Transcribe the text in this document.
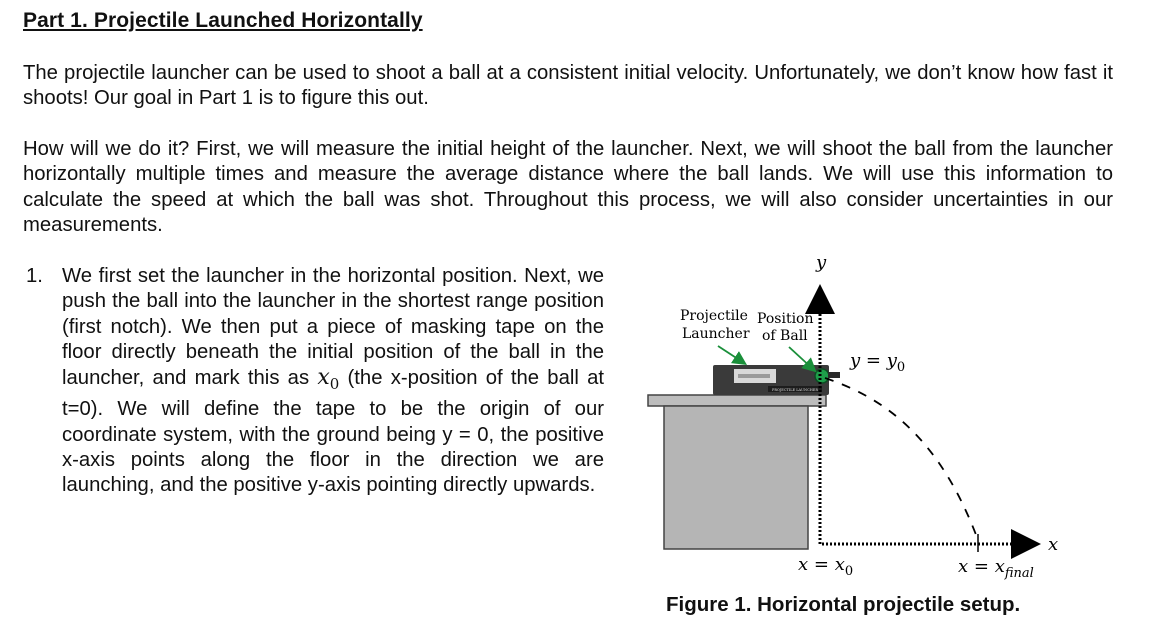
Part 1. Projectile Launched Horizontally

The projectile launcher can be used to shoot a ball at a consistent initial velocity. Unfortunately, we don’t know how fast it shoots! Our goal in Part 1 is to figure this out.

How will we do it? First, we will measure the initial height of the launcher. Next, we will shoot the ball from the launcher horizontally multiple times and measure the average distance where the ball lands. We will use this information to calculate the speed at which the ball was shot. Throughout this process, we will also consider uncertainties in our measurements.

1. We first set the launcher in the horizontal position. Next, we push the ball into the launcher in the shortest range position (first notch). We then put a piece of masking tape on the floor directly beneath the initial position of the ball in the launcher, and mark this as $x_0$ (the x-position of the ball at t=0). We will define the tape to be the origin of our coordinate system, with the ground being y = 0, the positive x-axis points along the floor in the direction we are launching, and the positive y-axis pointing directly upwards.

PROJECTILE LAUNCHER
y
x
Projectile
Launcher
Position
of Ball
$y = y_0$
$x = x_0$	$x = x_{final}$
Figure 1. Horizontal projectile setup.
